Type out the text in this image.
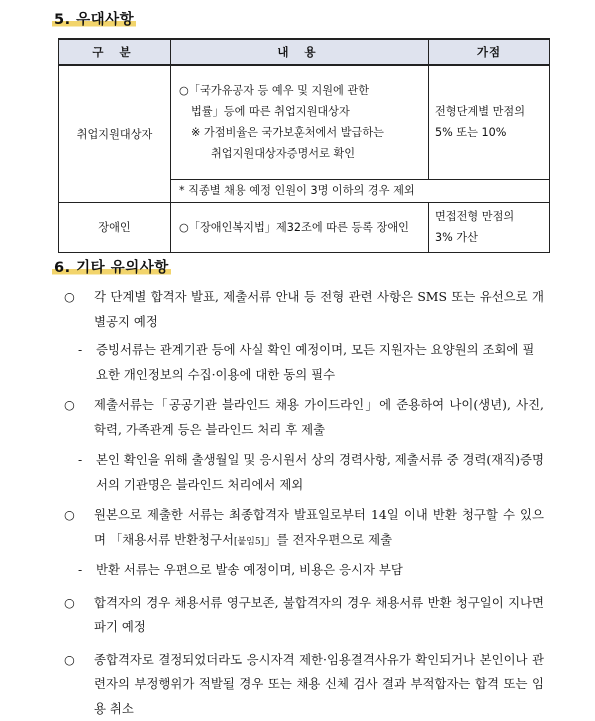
5. 우대사항
구 분	내 용	가점
취업지원대상자	○「국가유공자 등 예우 및 지원에 관한
법률」등에 따른 취업지원대상자
※ 가점비율은 국가보훈처에서 발급하는
취업지원대상자증명서로 확인	전형단계별 만점의
5% 또는 10%

	* 직종별 채용 예정 인원이 3명 이하의 경우 제외	
장애인	○「장애인복지법」제32조에 따른 등록 장애인	면접전형 만점의
3% 가산
6. 기타 유의사항

○ 각 단계별 합격자 발표, 제출서류 안내 등 전형 관련 사항은 SMS 또는 유선으로 개별공지 예정

- 증빙서류는 관계기관 등에 사실 확인 예정이며, 모든 지원자는 요양원의 조회에 필요한 개인정보의 수집·이용에 대한 동의 필수

○ 제출서류는「공공기관 블라인드 채용 가이드라인」에 준용하여 나이(생년), 사진, 학력, 가족관계 등은 블라인드 처리 후 제출

- 본인 확인을 위해 출생월일 및 응시원서 상의 경력사항, 제출서류 중 경력(재직)증명서의 기관명은 블라인드 처리에서 제외

○ 원본으로 제출한 서류는 최종합격자 발표일로부터 14일 이내 반환 청구할 수 있으며 「채용서류 반환청구서[붙임5]」를 전자우편으로 제출

- 반환 서류는 우편으로 발송 예정이며, 비용은 응시자 부담

○ 합격자의 경우 채용서류 영구보존, 불합격자의 경우 채용서류 반환 청구일이 지나면 파기 예정

○ 종합격자로 결정되었더라도 응시자격 제한·임용결격사유가 확인되거나 본인이나 관련자의 부정행위가 적발될 경우 또는 채용 신체 검사 결과 부적합자는 합격 또는 임용 취소
